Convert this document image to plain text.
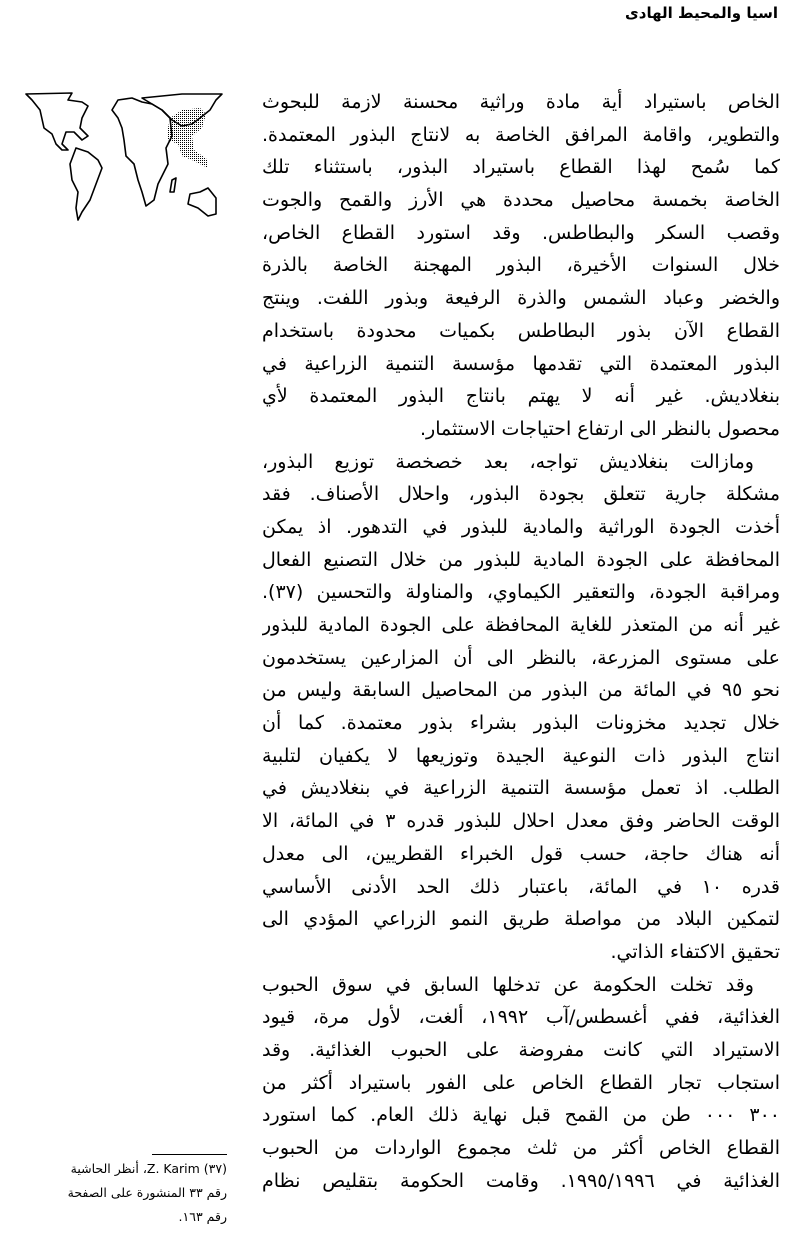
اسيا والمحيط الهادى
الخاص باستيراد أية مادة وراثية محسنة لازمة للبحوث
والتطوير، واقامة المرافق الخاصة به لانتاج البذور المعتمدة.
كما سُمح لهذا القطاع باستيراد البذور، باستثناء تلك
الخاصة بخمسة محاصيل محددة هي الأرز والقمح والجوت
وقصب السكر والبطاطس. وقد استورد القطاع الخاص،
خلال السنوات الأخيرة، البذور المهجنة الخاصة بالذرة
والخضر وعباد الشمس والذرة الرفيعة وبذور اللفت. وينتج
القطاع الآن بذور البطاطس بكميات محدودة باستخدام
البذور المعتمدة التي تقدمها مؤسسة التنمية الزراعية في
بنغلاديش. غير أنه لا يهتم بانتاج البذور المعتمدة لأي
محصول بالنظر الى ارتفاع احتياجات الاستثمار.
ومازالت بنغلاديش تواجه، بعد خصخصة توزيع البذور،
مشكلة جارية تتعلق بجودة البذور، واحلال الأصناف. فقد
أخذت الجودة الوراثية والمادية للبذور في التدهور. اذ يمكن
المحافظة على الجودة المادية للبذور من خلال التصنيع الفعال
ومراقبة الجودة، والتعقير الكيماوي، والمناولة والتحسين (٣٧).
غير أنه من المتعذر للغاية المحافظة على الجودة المادية للبذور
على مستوى المزرعة، بالنظر الى أن المزارعين يستخدمون
نحو ٩٥ في المائة من البذور من المحاصيل السابقة وليس من
خلال تجديد مخزونات البذور بشراء بذور معتمدة. كما أن
انتاج البذور ذات النوعية الجيدة وتوزيعها لا يكفيان لتلبية
الطلب. اذ تعمل مؤسسة التنمية الزراعية في بنغلاديش في
الوقت الحاضر وفق معدل احلال للبذور قدره ٣ في المائة، الا
أنه هناك حاجة، حسب قول الخبراء القطريين، الى معدل
قدره ١٠ في المائة، باعتبار ذلك الحد الأدنى الأساسي
لتمكين البلاد من مواصلة طريق النمو الزراعي المؤدي الى
تحقيق الاكتفاء الذاتي.
وقد تخلت الحكومة عن تدخلها السابق في سوق الحبوب
الغذائية، ففي أغسطس/آب ١٩٩٢، ألغت، لأول مرة، قيود
الاستيراد التي كانت مفروضة على الحبوب الغذائية. وقد
استجاب تجار القطاع الخاص على الفور باستيراد أكثر من
٣٠٠ ٠٠٠ طن من القمح قبل نهاية ذلك العام. كما استورد
القطاع الخاص أكثر من ثلث مجموع الواردات من الحبوب
الغذائية في ١٩٩٥/١٩٩٦. وقامت الحكومة بتقليص نظام
(٣٧) Z. Karim، أنظر الحاشية
رقم ٣٣ المنشورة على الصفحة
رقم ١٦٣.
